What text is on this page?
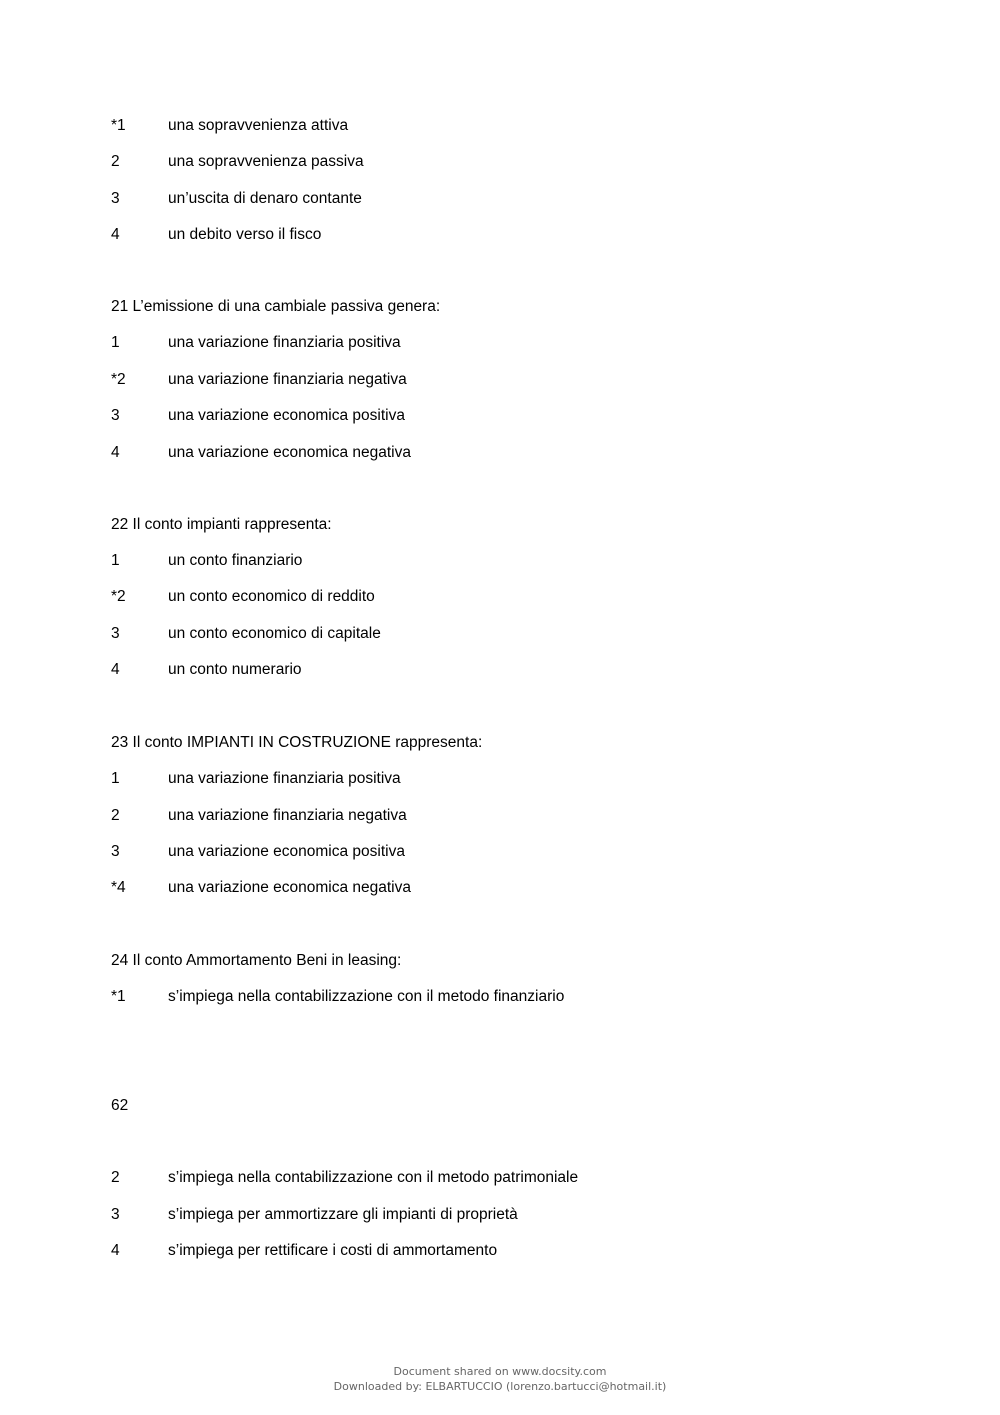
*1	una sopravvenienza attiva
2	una sopravvenienza passiva
3	un’uscita di denaro contante
4	un debito verso il fisco
21 L’emissione di una cambiale passiva genera:
1	una variazione finanziaria positiva
*2	una variazione finanziaria negativa
3	una variazione economica positiva
4	una variazione economica negativa
22 Il conto impianti rappresenta:
1	un conto finanziario
*2	un conto economico di reddito
3	un conto economico di capitale
4	un conto numerario
23 Il conto IMPIANTI IN COSTRUZIONE rappresenta:
1	una variazione finanziaria positiva
2	una variazione finanziaria negativa
3	una variazione economica positiva
*4	una variazione economica negativa
24 Il conto Ammortamento Beni in leasing:
*1	s’impiega nella contabilizzazione con il metodo finanziario
62
2	s’impiega nella contabilizzazione con il metodo patrimoniale
3	s’impiega per ammortizzare gli impianti di proprietà
4	s’impiega per rettificare i costi di ammortamento
Document shared on www.docsity.com
Downloaded by: ELBARTUCCIO (lorenzo.bartucci@hotmail.it)
